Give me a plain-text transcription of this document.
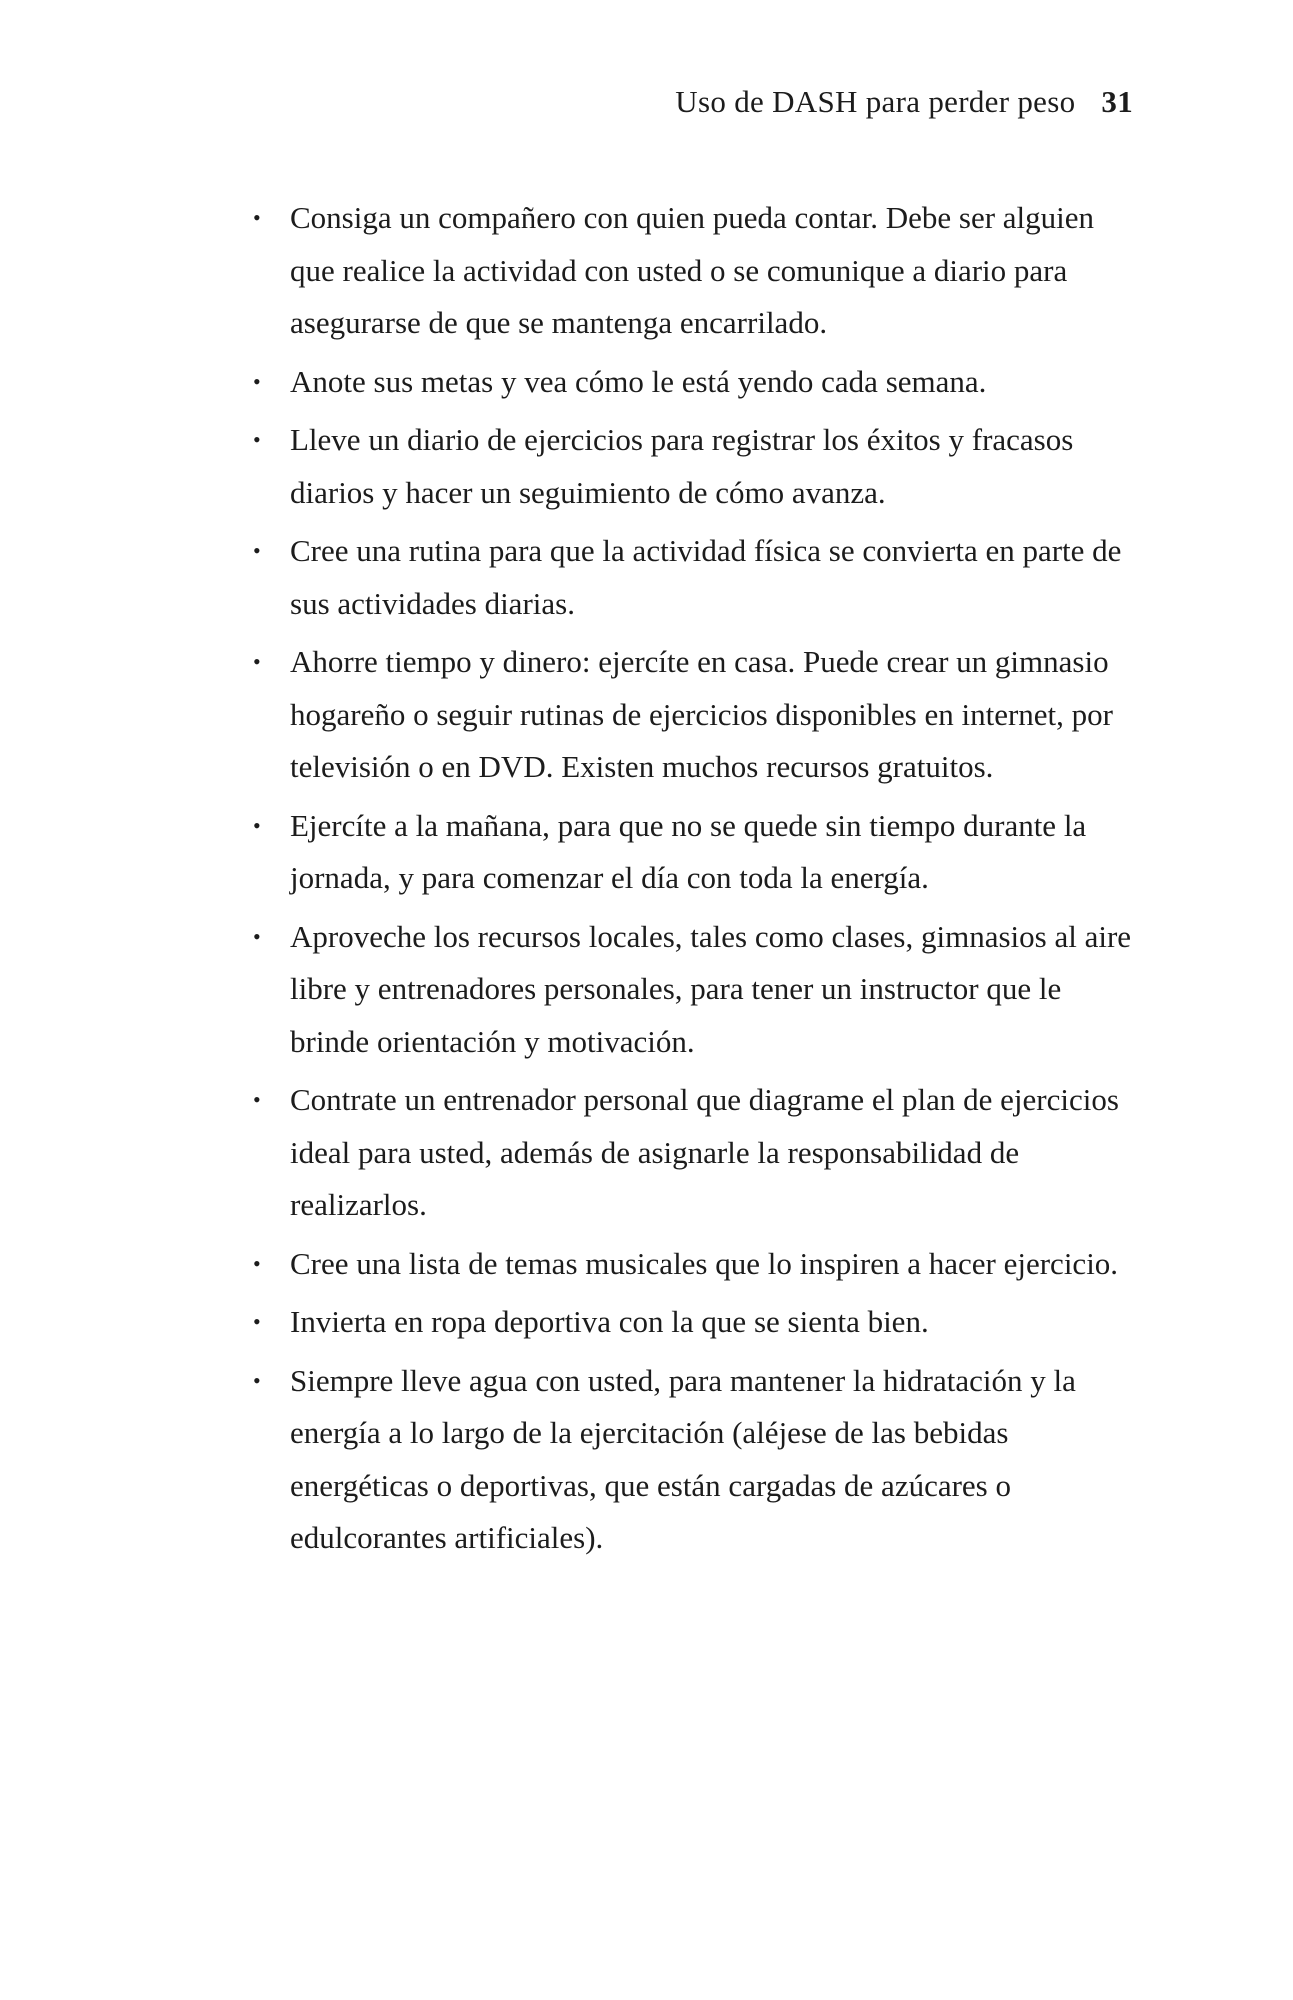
Uso de DASH para perder peso 31
• Consiga un compañero con quien pueda contar. Debe ser alguien que realice la actividad con usted o se comunique a diario para asegurarse de que se mantenga encarrilado.
• Anote sus metas y vea cómo le está yendo cada semana.
• Lleve un diario de ejercicios para registrar los éxitos y fracasos diarios y hacer un seguimiento de cómo avanza.
• Cree una rutina para que la actividad física se convierta en parte de sus actividades diarias.
• Ahorre tiempo y dinero: ejercíte en casa. Puede crear un gimnasio hogareño o seguir rutinas de ejercicios disponibles en internet, por televisión o en DVD. Existen muchos recursos gratuitos.
• Ejercíte a la mañana, para que no se quede sin tiempo durante la jornada, y para comenzar el día con toda la energía.
• Aproveche los recursos locales, tales como clases, gimnasios al aire libre y entrenadores personales, para tener un instructor que le brinde orientación y motivación.
• Contrate un entrenador personal que diagrame el plan de ejercicios ideal para usted, además de asignarle la responsabilidad de realizarlos.
• Cree una lista de temas musicales que lo inspiren a hacer ejercicio.
• Invierta en ropa deportiva con la que se sienta bien.
• Siempre lleve agua con usted, para mantener la hidratación y la energía a lo largo de la ejercitación (aléjese de las bebidas energéticas o deportivas, que están cargadas de azúcares o edulcorantes artificiales).
